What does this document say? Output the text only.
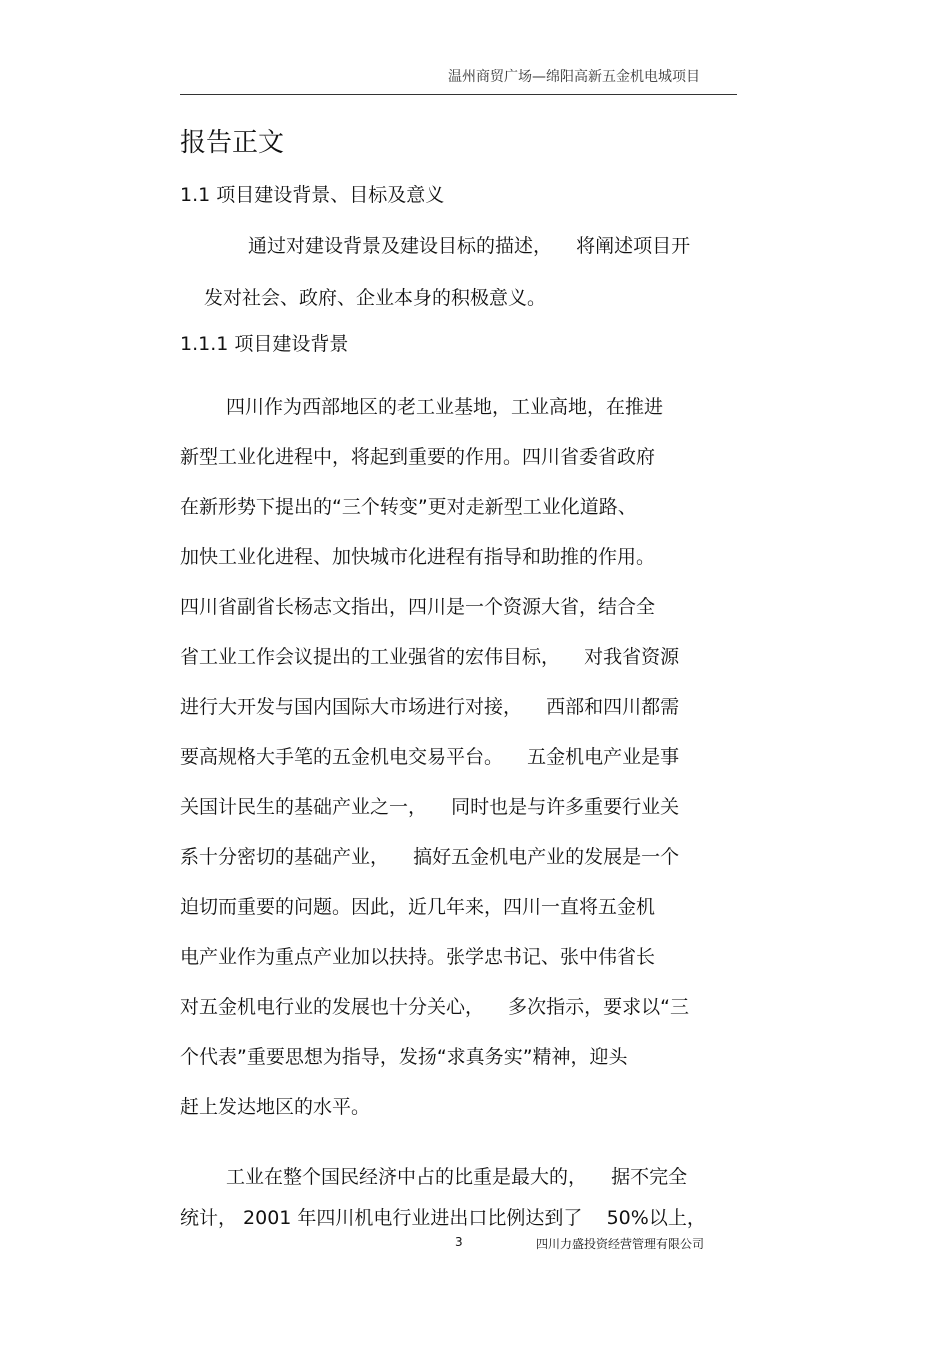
温州商贸广场—绵阳高新五金机电城项目
报告正文
1.1 项目建设背景、目标及意义
通过对建设背景及建设目标的描述，    将阐述项目开
发对社会、政府、企业本身的积极意义。
1.1.1 项目建设背景
四川作为西部地区的老工业基地，工业高地，在推进
新型工业化进程中，将起到重要的作用。四川省委省政府
在新形势下提出的“三个转变”更对走新型工业化道路、
加快工业化进程、加快城市化进程有指导和助推的作用。
四川省副省长杨志文指出，四川是一个资源大省，结合全
省工业工作会议提出的工业强省的宏伟目标，    对我省资源
进行大开发与国内国际大市场进行对接，    西部和四川都需
要高规格大手笔的五金机电交易平台。    五金机电产业是事
关国计民生的基础产业之一，    同时也是与许多重要行业关
系十分密切的基础产业，    搞好五金机电产业的发展是一个
迫切而重要的问题。因此，近几年来，四川一直将五金机
电产业作为重点产业加以扶持。张学忠书记、张中伟省长
对五金机电行业的发展也十分关心，    多次指示，要求以“三
个代表”重要思想为指导，发扬“求真务实”精神，迎头
赶上发达地区的水平。
工业在整个国民经济中占的比重是最大的，    据不完全
统计， 2001 年四川机电行业进出口比例达到了    50%以上，
3	四川力盛投资经营管理有限公司
